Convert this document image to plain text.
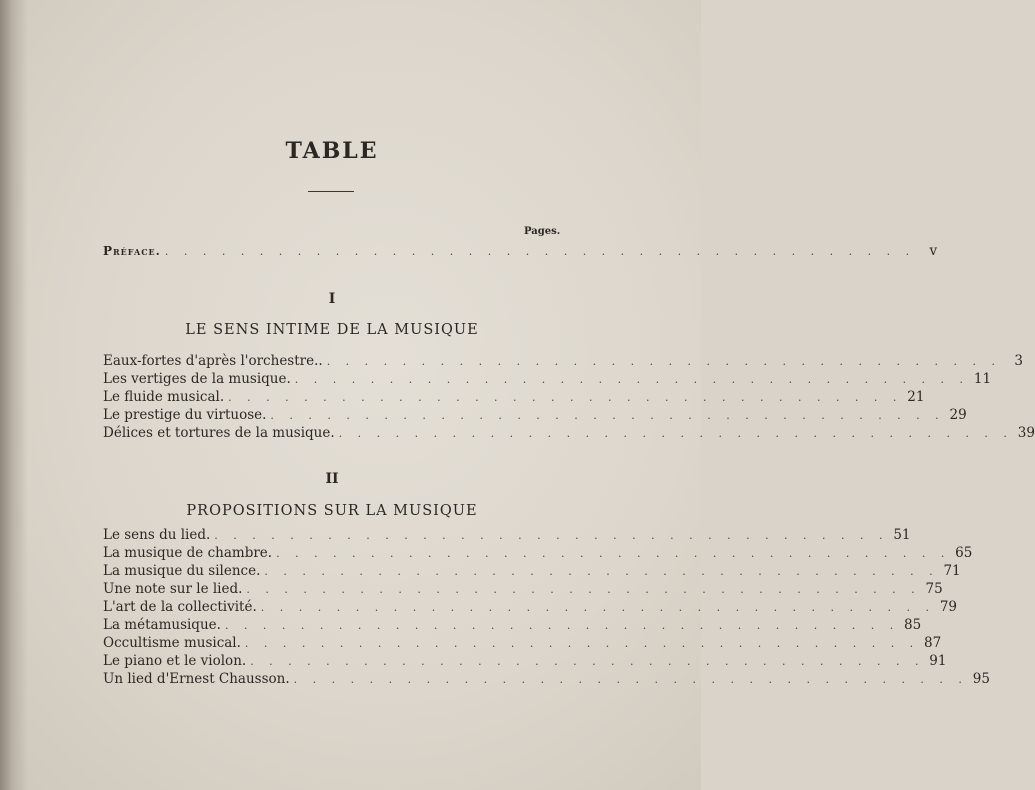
TABLE
Pages.
Préface. . . . . . . . . . . . . . . . . . . . . . . . . . . . . . . . . . . . . . . . .	v
I
LE SENS INTIME DE LA MUSIQUE
Eaux-fortes d'après l'orchestre.. . . . . . . . . . . . . . . . . . . . . . . . . . . . . . . . . . . . . 3
Les vertiges de la musique. . . . . . . . . . . . . . . . . . . . . . . . . . . . . . . . . . . . . 11
Le fluide musical. . . . . . . . . . . . . . . . . . . . . . . . . . . . . . . . . . . . . 21
Le prestige du virtuose. . . . . . . . . . . . . . . . . . . . . . . . . . . . . . . . . . . . . 29
Délices et tortures de la musique. . . . . . . . . . . . . . . . . . . . . . . . . . . . . . . . . . . . . 39
II
PROPOSITIONS SUR LA MUSIQUE
Le sens du lied. . . . . . . . . . . . . . . . . . . . . . . . . . . . . . . . . . . . . 51
La musique de chambre. . . . . . . . . . . . . . . . . . . . . . . . . . . . . . . . . . . . . 65
La musique du silence. . . . . . . . . . . . . . . . . . . . . . . . . . . . . . . . . . . . . 71
Une note sur le lied. . . . . . . . . . . . . . . . . . . . . . . . . . . . . . . . . . . . . 75
L'art de la collectivité. . . . . . . . . . . . . . . . . . . . . . . . . . . . . . . . . . . . . 79
La métamusique. . . . . . . . . . . . . . . . . . . . . . . . . . . . . . . . . . . . . 85
Occultisme musical. . . . . . . . . . . . . . . . . . . . . . . . . . . . . . . . . . . . . 87
Le piano et le violon. . . . . . . . . . . . . . . . . . . . . . . . . . . . . . . . . . . . . 91
Un lied d'Ernest Chausson. . . . . . . . . . . . . . . . . . . . . . . . . . . . . . . . . . . . . 95
